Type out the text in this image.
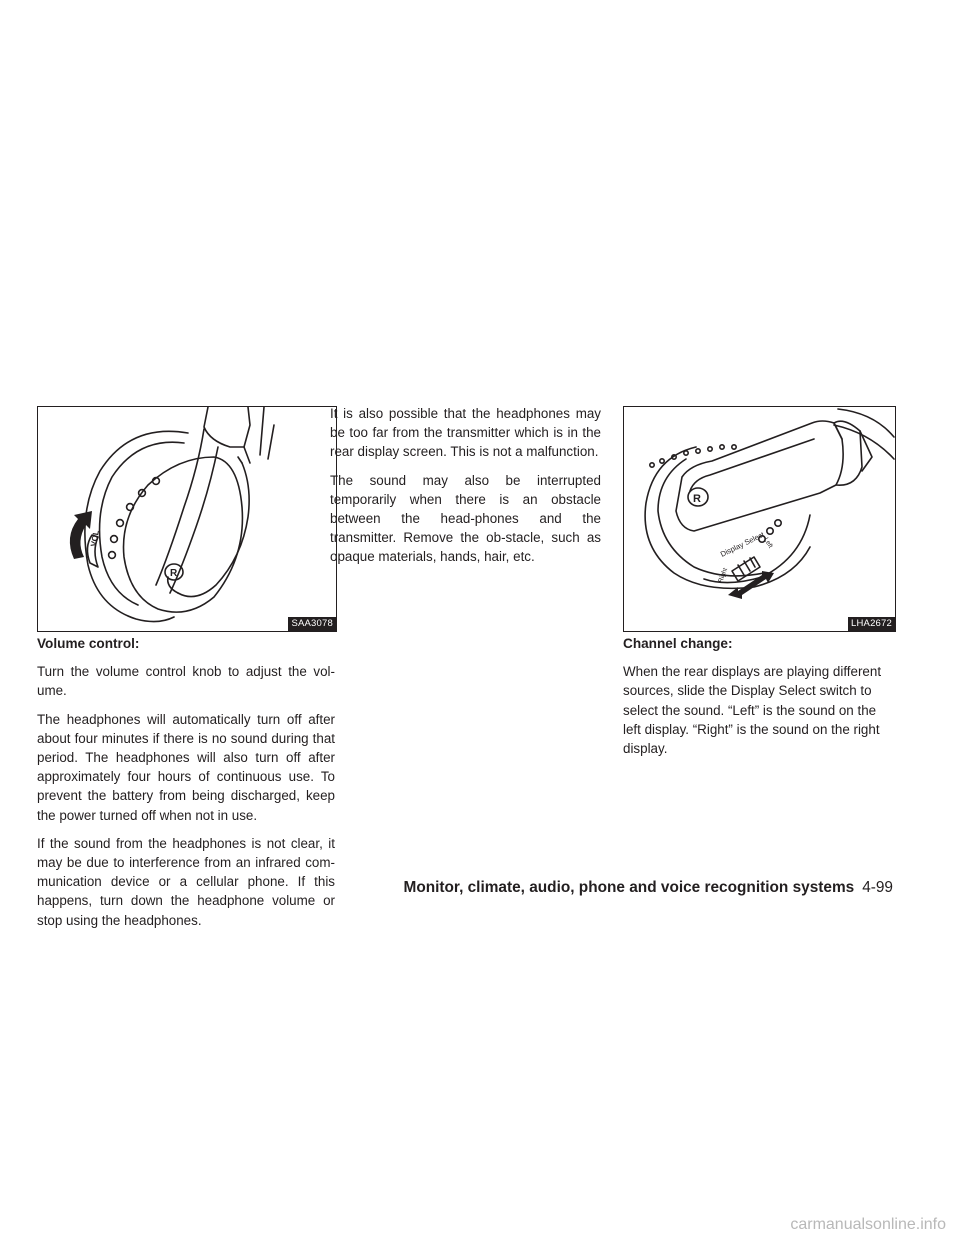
VOL
R
SAA3078
R
Display Select
Left
Right
LHA2672
Volume control:

Turn the volume control knob to adjust the vol-ume.

The headphones will automatically turn off after about four minutes if there is no sound during that period. The headphones will also turn off after approximately four hours of continuous use. To prevent the battery from being discharged, keep the power turned off when not in use.

If the sound from the headphones is not clear, it may be due to interference from an infrared com-munication device or a cellular phone. If this happens, turn down the headphone volume or stop using the headphones.

It is also possible that the headphones may be too far from the transmitter which is in the rear display screen. This is not a malfunction.

The sound may also be interrupted temporarily when there is an obstacle between the head-phones and the transmitter. Remove the ob-stacle, such as opaque materials, hands, hair, etc.

Channel change:

When the rear displays are playing different sources, slide the Display Select switch to select the sound. “Left” is the sound on the left display. “Right” is the sound on the right display.

Monitor, climate, audio, phone and voice recognition systems 4-99
carmanualsonline.info
